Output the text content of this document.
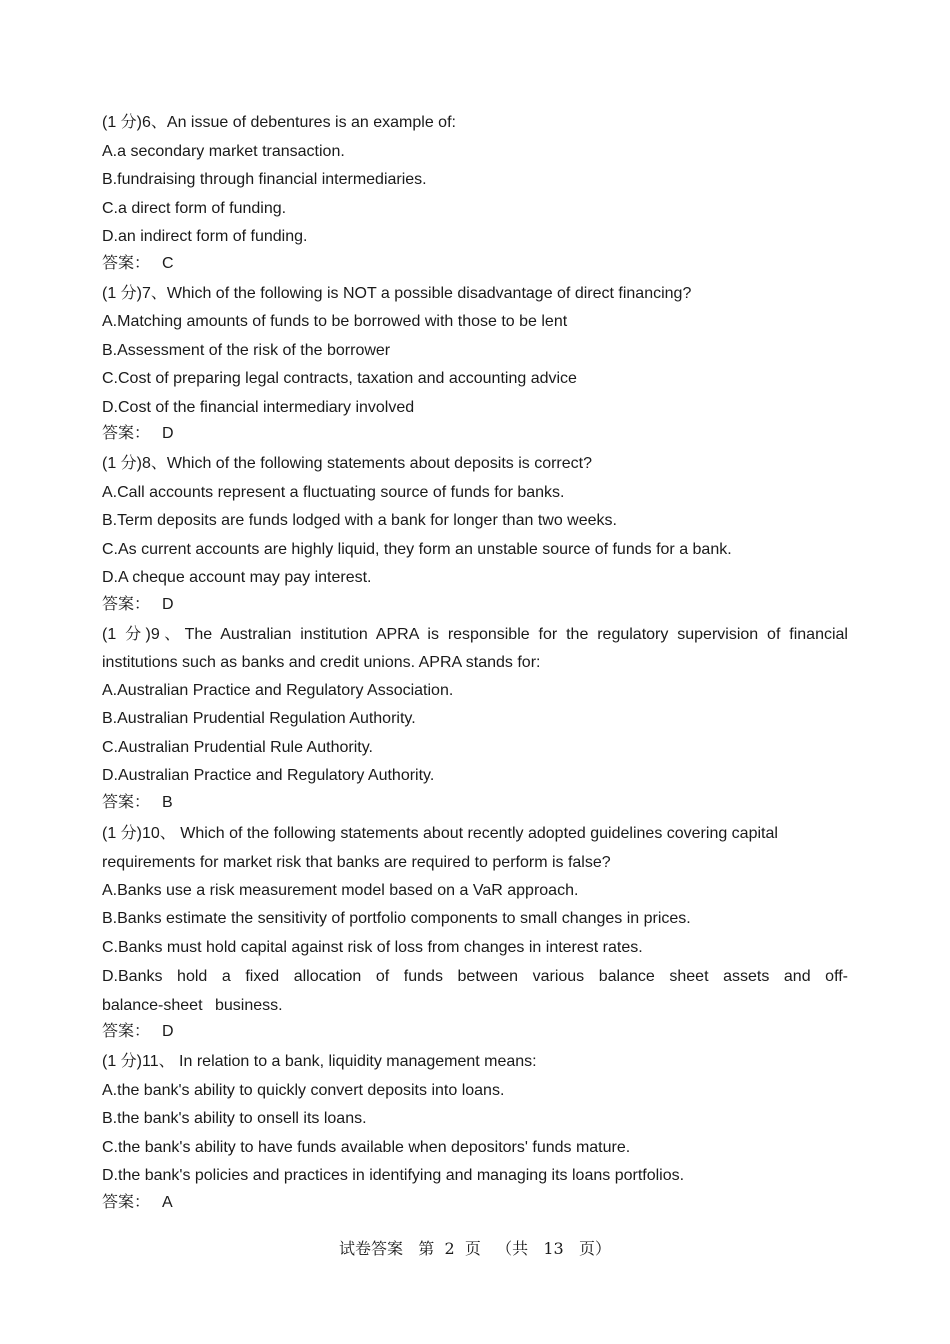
(1 分)6、An issue of debentures is an example of:
A.a secondary market transaction.
B.fundraising through financial intermediaries.
C.a direct form of funding.
D.an indirect form of funding.
答案： C
(1 分)7、Which of the following is NOT a possible disadvantage of direct financing?
A.Matching amounts of funds to be borrowed with those to be lent
B.Assessment of the risk of the borrower
C.Cost of preparing legal contracts, taxation and accounting advice
D.Cost of the financial intermediary involved
答案： D
(1 分)8、Which of the following statements about deposits is correct?
A.Call accounts represent a fluctuating source of funds for banks.
B.Term deposits are funds lodged with a bank for longer than two weeks.
C.As current accounts are highly liquid, they form an unstable source of funds for a bank.
D.A cheque account may pay interest.
答案： D
(1 分)9、The Australian institution APRA is responsible for the regulatory supervision of financial institutions such as banks and credit unions. APRA stands for:
A.Australian Practice and Regulatory Association.
B.Australian Prudential Regulation Authority.
C.Australian Prudential Rule Authority.
D.Australian Practice and Regulatory Authority.
答案： B
(1 分)10、 Which of the following statements about recently adopted guidelines covering capital requirements for market risk that banks are required to perform is false?
A.Banks use a risk measurement model based on a VaR approach.
B.Banks estimate the sensitivity of portfolio components to small changes in prices.
C.Banks must hold capital against risk of loss from changes in interest rates.
D.Banks hold a fixed allocation of funds between various balance sheet assets and off-balance-sheet business.
答案： D
(1 分)11、 In relation to a bank, liquidity management means:
A.the bank's ability to quickly convert deposits into loans.
B.the bank's ability to onsell its loans.
C.the bank's ability to have funds available when depositors' funds mature.
D.the bank's policies and practices in identifying and managing its loans portfolios.
答案： A
试卷答案   第  2  页   （共   13   页）
